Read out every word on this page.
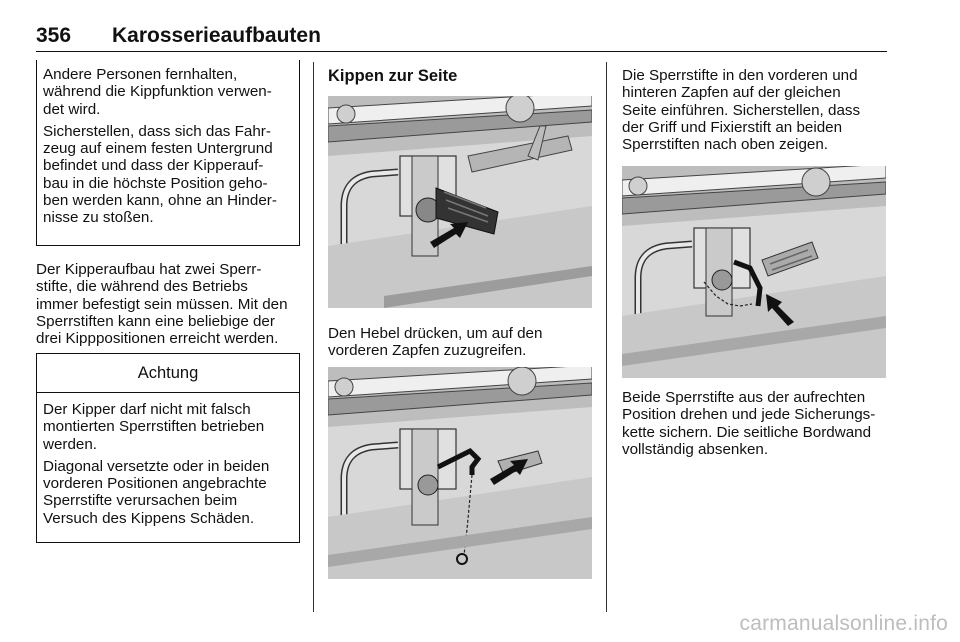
356 Karosserieaufbauten

Andere Personen fernhalten,
während die Kippfunktion verwen-
det wird.

Sicherstellen, dass sich das Fahr-
zeug auf einem festen Untergrund
befindet und dass der Kipperauf-
bau in die höchste Position geho-
ben werden kann, ohne an Hinder-
nisse zu stoßen.

Der Kipperaufbau hat zwei Sperr-
stifte, die während des Betriebs
immer befestigt sein müssen. Mit den
Sperrstiften kann eine beliebige der
drei Kipppositionen erreicht werden.

Achtung

Der Kipper darf nicht mit falsch
montierten Sperrstiften betrieben
werden.

Diagonal versetzte oder in beiden
vorderen Positionen angebrachte
Sperrstifte verursachen beim
Versuch des Kippens Schäden.

Kippen zur Seite

Den Hebel drücken, um auf den
vorderen Zapfen zuzugreifen.

Die Sperrstifte in den vorderen und
hinteren Zapfen auf der gleichen
Seite einführen. Sicherstellen, dass
der Griff und Fixierstift an beiden
Sperrstiften nach oben zeigen.

Beide Sperrstifte aus der aufrechten
Position drehen und jede Sicherungs-
kette sichern. Die seitliche Bordwand
vollständig absenken.

carmanualsonline.info
